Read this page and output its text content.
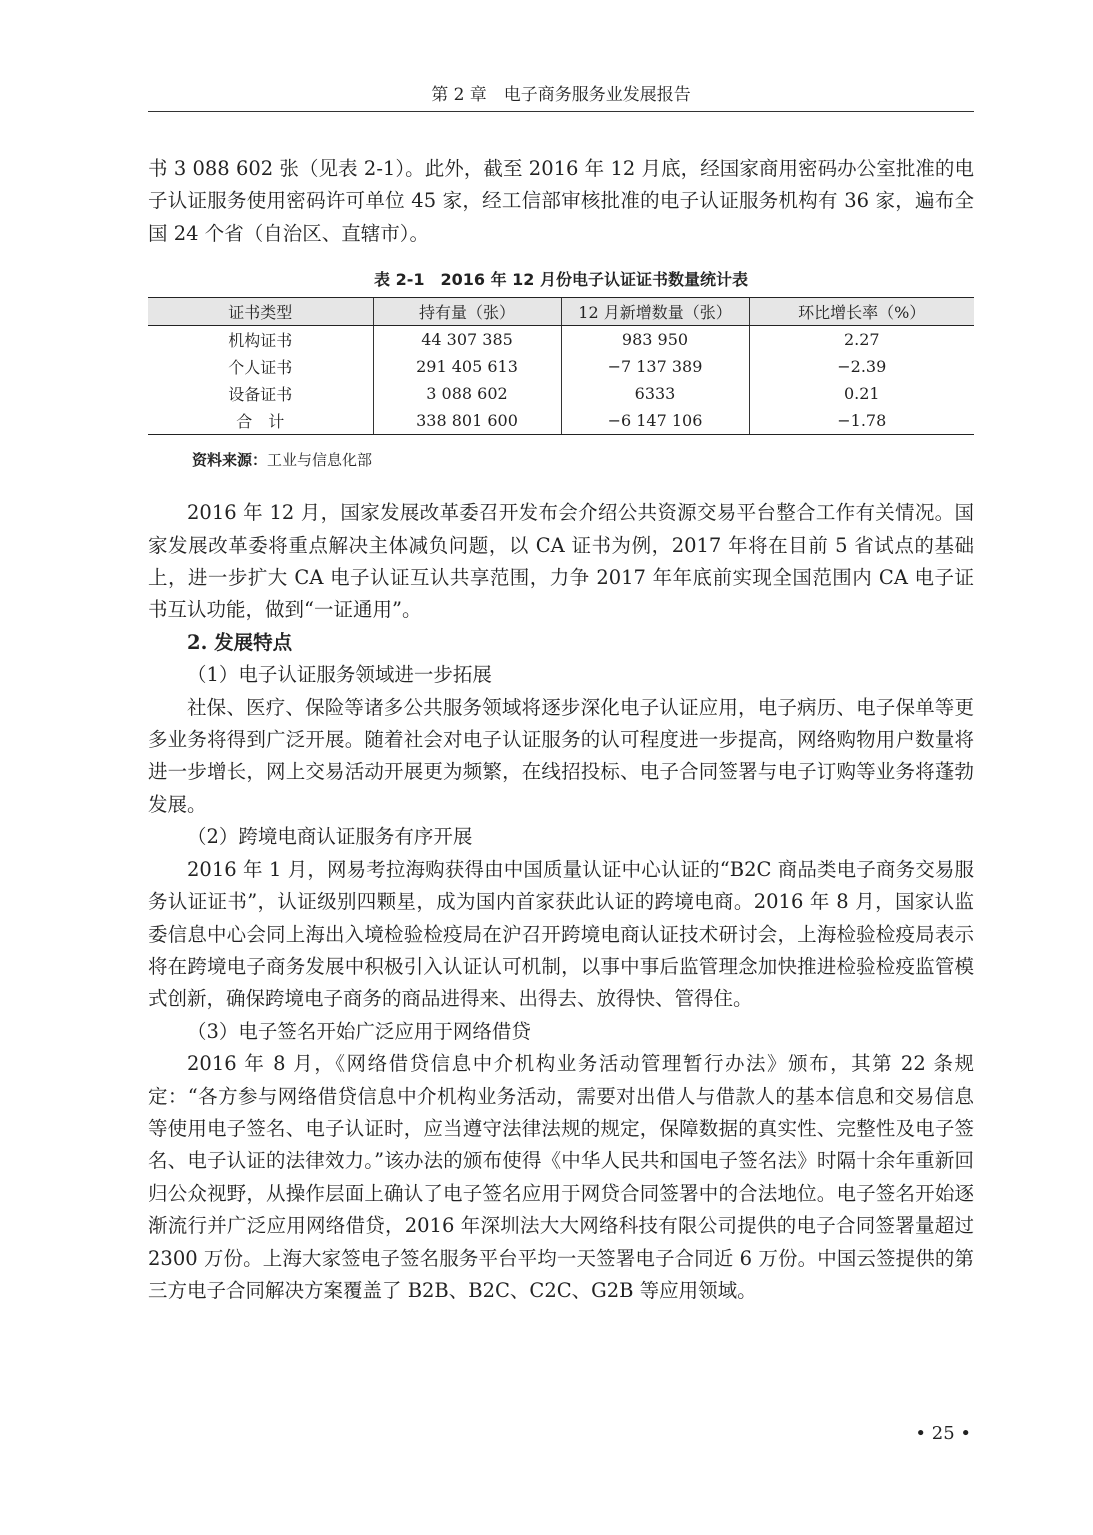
第 2 章　电子商务服务业发展报告

书 3 088 602 张（见表 2-1）。此外，截至 2016 年 12 月底，经国家商用密码办公室批准的电子认证服务使用密码许可单位 45 家，经工信部审核批准的电子认证服务机构有 36 家，遍布全国 24 个省（自治区、直辖市）。

表 2-1　2016 年 12 月份电子认证证书数量统计表
证书类型	持有量（张）	12 月新增数量（张）	环比增长率（%）
机构证书	44 307 385	983 950	2.27
个人证书	291 405 613	−7 137 389	−2.39
设备证书	3 088 602	6333	0.21
合　计	338 801 600	−6 147 106	−1.78
资料来源：工业与信息化部

2016 年 12 月，国家发展改革委召开发布会介绍公共资源交易平台整合工作有关情况。国家发展改革委将重点解决主体减负问题，以 CA 证书为例，2017 年将在目前 5 省试点的基础上，进一步扩大 CA 电子认证互认共享范围，力争 2017 年年底前实现全国范围内 CA 电子证书互认功能，做到“一证通用”。

2. 发展特点

（1）电子认证服务领域进一步拓展

社保、医疗、保险等诸多公共服务领域将逐步深化电子认证应用，电子病历、电子保单等更多业务将得到广泛开展。随着社会对电子认证服务的认可程度进一步提高，网络购物用户数量将进一步增长，网上交易活动开展更为频繁，在线招投标、电子合同签署与电子订购等业务将蓬勃发展。

（2）跨境电商认证服务有序开展

2016 年 1 月，网易考拉海购获得由中国质量认证中心认证的“B2C 商品类电子商务交易服务认证证书”，认证级别四颗星，成为国内首家获此认证的跨境电商。2016 年 8 月，国家认监委信息中心会同上海出入境检验检疫局在沪召开跨境电商认证技术研讨会，上海检验检疫局表示将在跨境电子商务发展中积极引入认证认可机制，以事中事后监管理念加快推进检验检疫监管模式创新，确保跨境电子商务的商品进得来、出得去、放得快、管得住。

（3）电子签名开始广泛应用于网络借贷

2016 年 8 月，《网络借贷信息中介机构业务活动管理暂行办法》颁布，其第 22 条规定：“各方参与网络借贷信息中介机构业务活动，需要对出借人与借款人的基本信息和交易信息等使用电子签名、电子认证时，应当遵守法律法规的规定，保障数据的真实性、完整性及电子签名、电子认证的法律效力。”该办法的颁布使得《中华人民共和国电子签名法》时隔十余年重新回归公众视野，从操作层面上确认了电子签名应用于网贷合同签署中的合法地位。电子签名开始逐渐流行并广泛应用网络借贷，2016 年深圳法大大网络科技有限公司提供的电子合同签署量超过 2300 万份。上海大家签电子签名服务平台平均一天签署电子合同近 6 万份。中国云签提供的第三方电子合同解决方案覆盖了 B2B、B2C、C2C、G2B 等应用领域。

• 25 •
